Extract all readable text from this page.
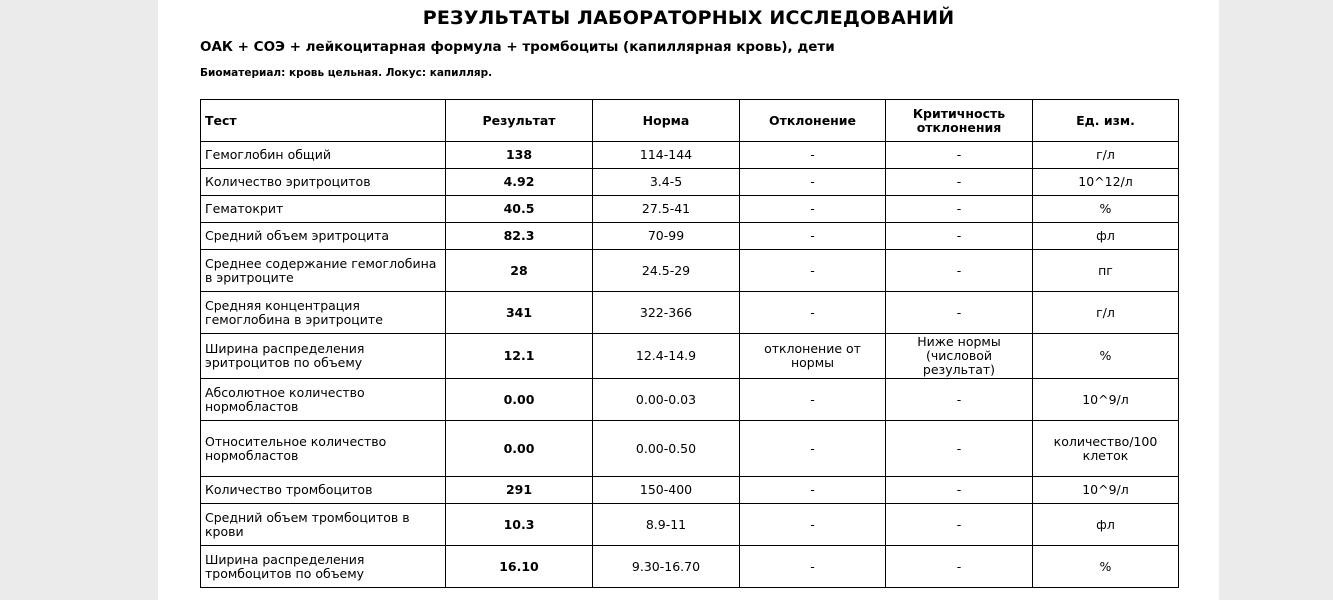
РЕЗУЛЬТАТЫ ЛАБОРАТОРНЫХ ИССЛЕДОВАНИЙ
ОАК + СОЭ + лейкоцитарная формула + тромбоциты (капиллярная кровь), дети
Биоматериал: кровь цельная. Локус: капилляр.
Тест	Результат	Норма	Отклонение	Критичность отклонения	Ед. изм.
Гемоглобин общий	138	114-144	-	-	г/л
Количество эритроцитов	4.92	3.4-5	-	-	10^12/л
Гематокрит	40.5	27.5-41	-	-	%
Средний объем эритроцита	82.3	70-99	-	-	фл
Среднее содержание гемоглобина в эритроците	28	24.5-29	-	-	пг
Средняя концентрация гемоглобина в эритроците	341	322-366	-	-	г/л
Ширина распределения эритроцитов по объему	12.1	12.4-14.9	отклонение от нормы	Ниже нормы (числовой результат)	%
Абсолютное количество нормобластов	0.00	0.00-0.03	-	-	10^9/л
Относительное количество нормобластов	0.00	0.00-0.50	-	-	количество/100 клеток
Количество тромбоцитов	291	150-400	-	-	10^9/л
Средний объем тромбоцитов в крови	10.3	8.9-11	-	-	фл
Ширина распределения тромбоцитов по объему	16.10	9.30-16.70	-	-	%
